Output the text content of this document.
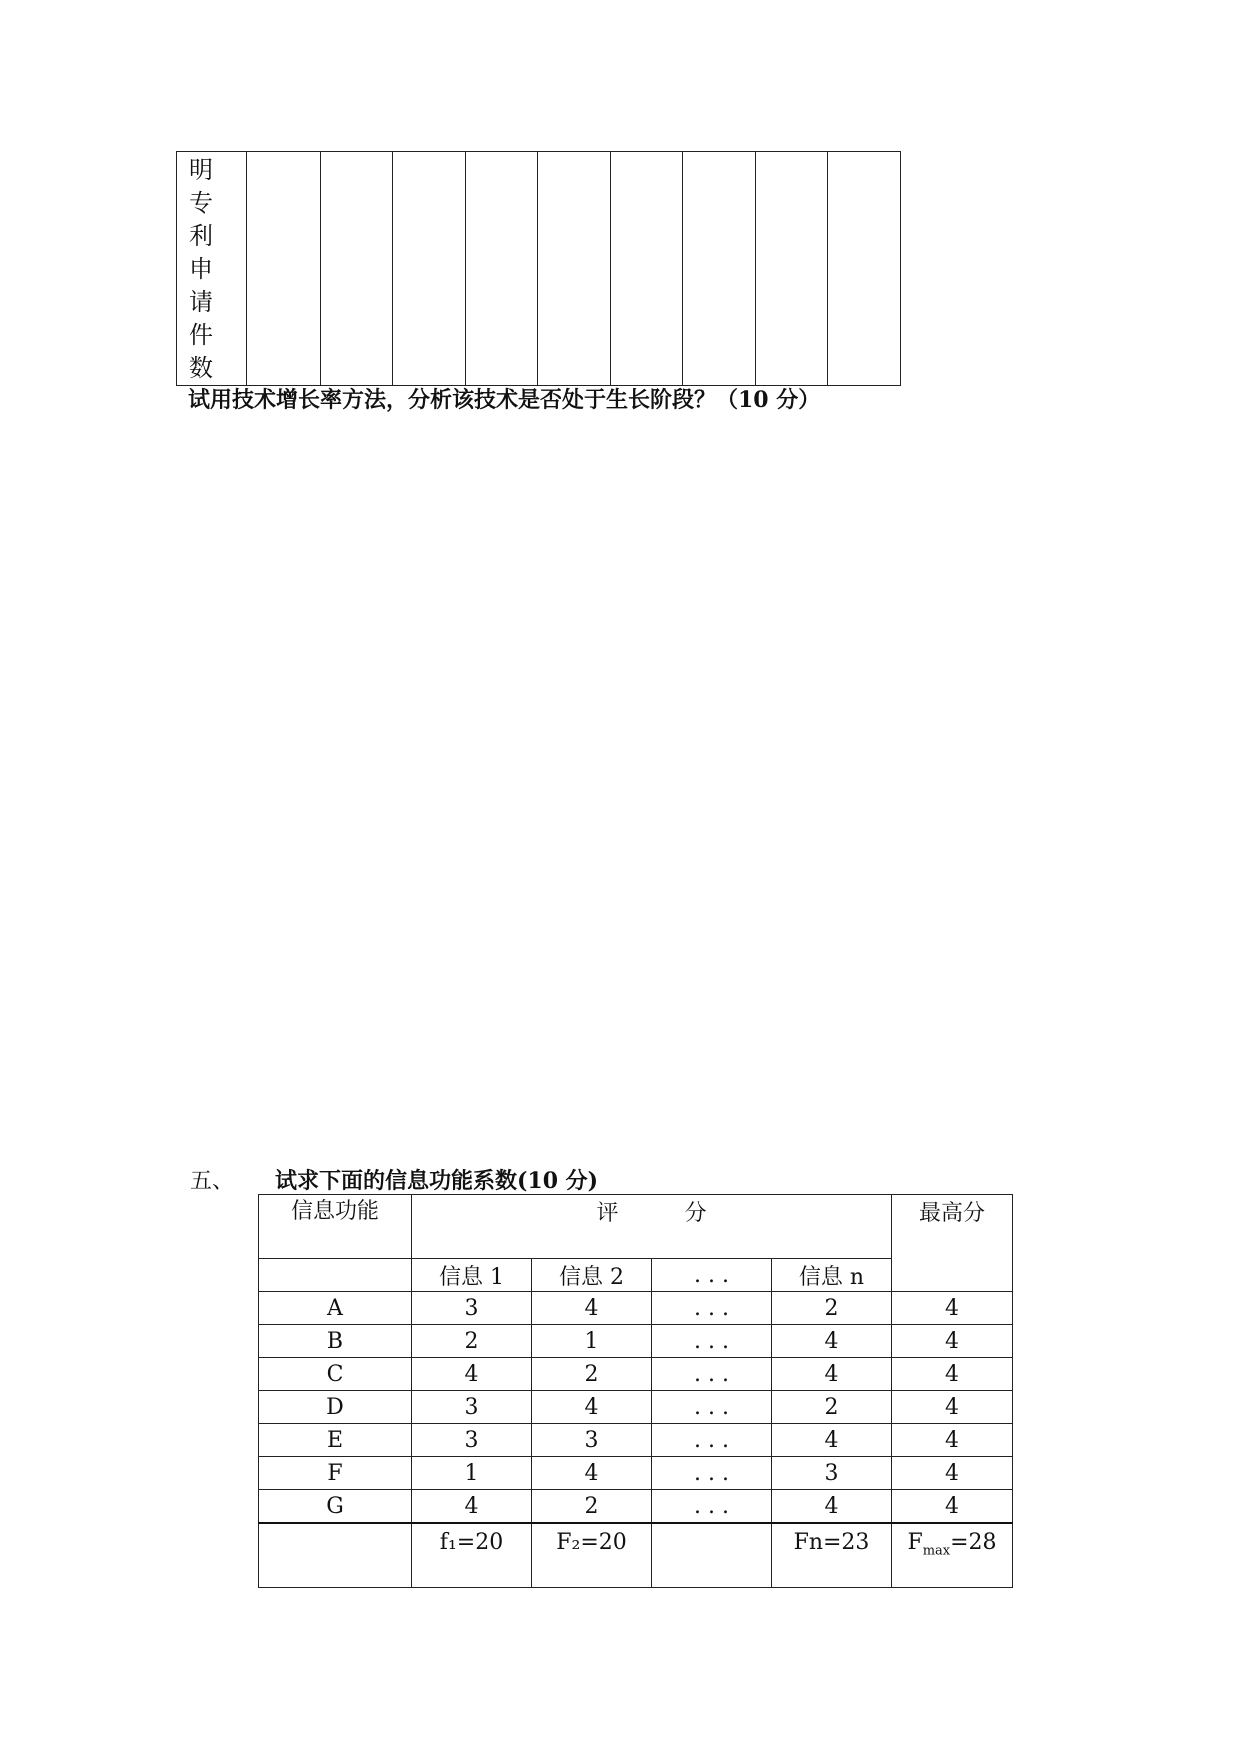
明
专
利
申
请
件
数

试用技术增长率方法，分析该技术是否处于生长阶段？（10 分）
五、 试求下面的信息功能系数(10 分)
信息功能	评　　　分				最高分
	信息 1	信息 2	. . .	信息 n	
A	3	4	. . .	2	4
B	2	1	. . .	4	4
C	4	2	. . .	4	4
D	3	4	. . .	2	4
E	3	3	. . .	4	4
F	1	4	. . .	3	4
G	4	2	. . .	4	4
	f₁=20	F₂=20		Fn=23	$F_{max}=28$
